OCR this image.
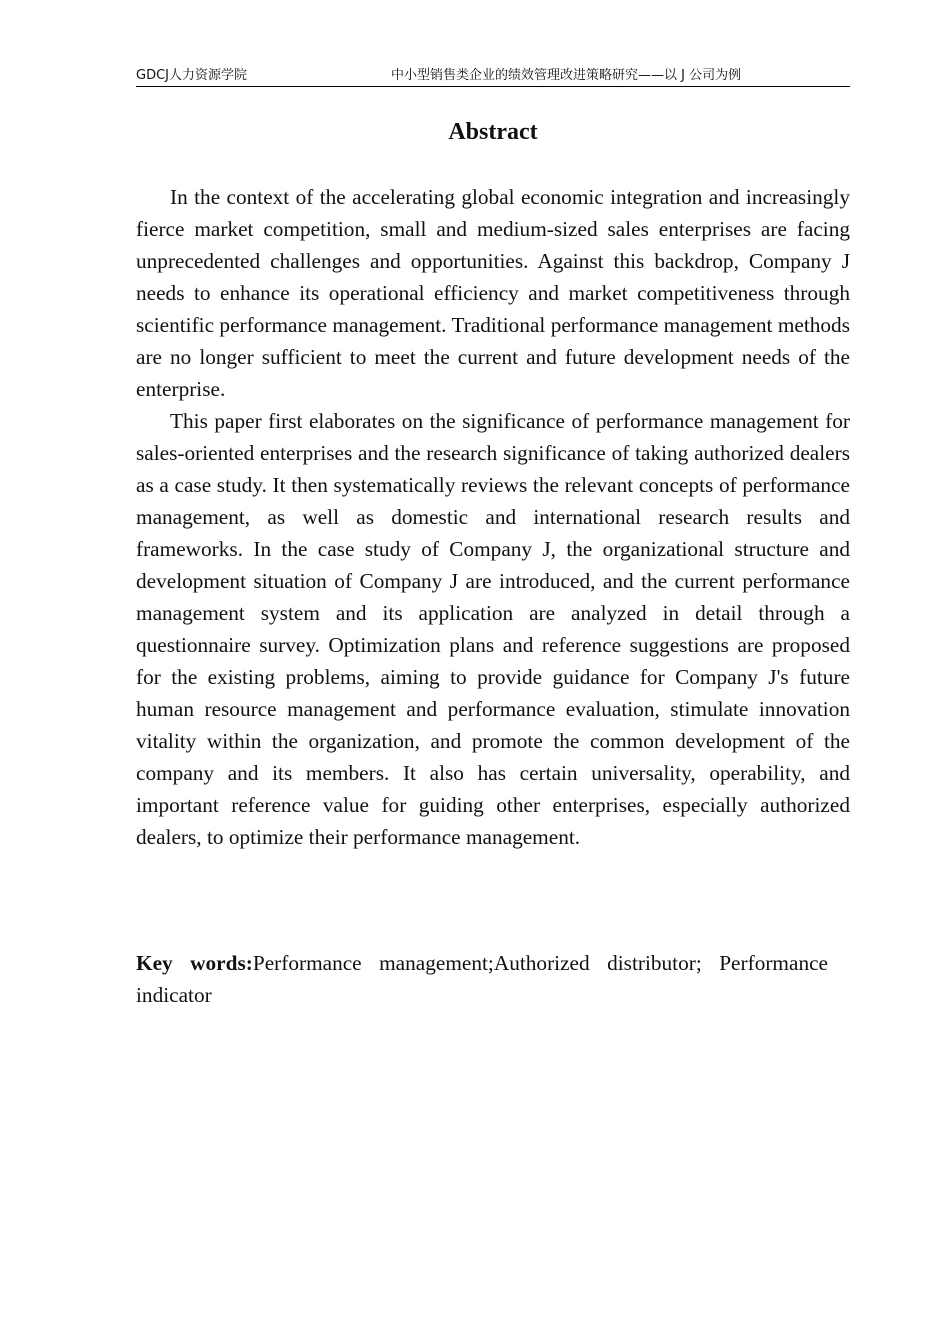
GDCJ人力资源学院	中小型销售类企业的绩效管理改进策略研究——以 J 公司为例
Abstract

In the context of the accelerating global economic integration and increasingly fierce market competition, small and medium-sized sales enterprises are facing unprecedented challenges and opportunities. Against this backdrop, Company J needs to enhance its operational efficiency and market competitiveness through scientific performance management. Traditional performance management methods are no longer sufficient to meet the current and future development needs of the enterprise.

This paper first elaborates on the significance of performance management for sales-oriented enterprises and the research significance of taking authorized dealers as a case study. It then systematically reviews the relevant concepts of performance management, as well as domestic and international research results and frameworks. In the case study of Company J, the organizational structure and development situation of Company J are introduced, and the current performance management system and its application are analyzed in detail through a questionnaire survey. Optimization plans and reference suggestions are proposed for the existing problems, aiming to provide guidance for Company J's future human resource management and performance evaluation, stimulate innovation vitality within the organization, and promote the common development of the company and its members. It also has certain universality, operability, and important reference value for guiding other enterprises, especially authorized dealers, to optimize their performance management.

Key words:Performance management;Authorized distributor; Performance indicator
